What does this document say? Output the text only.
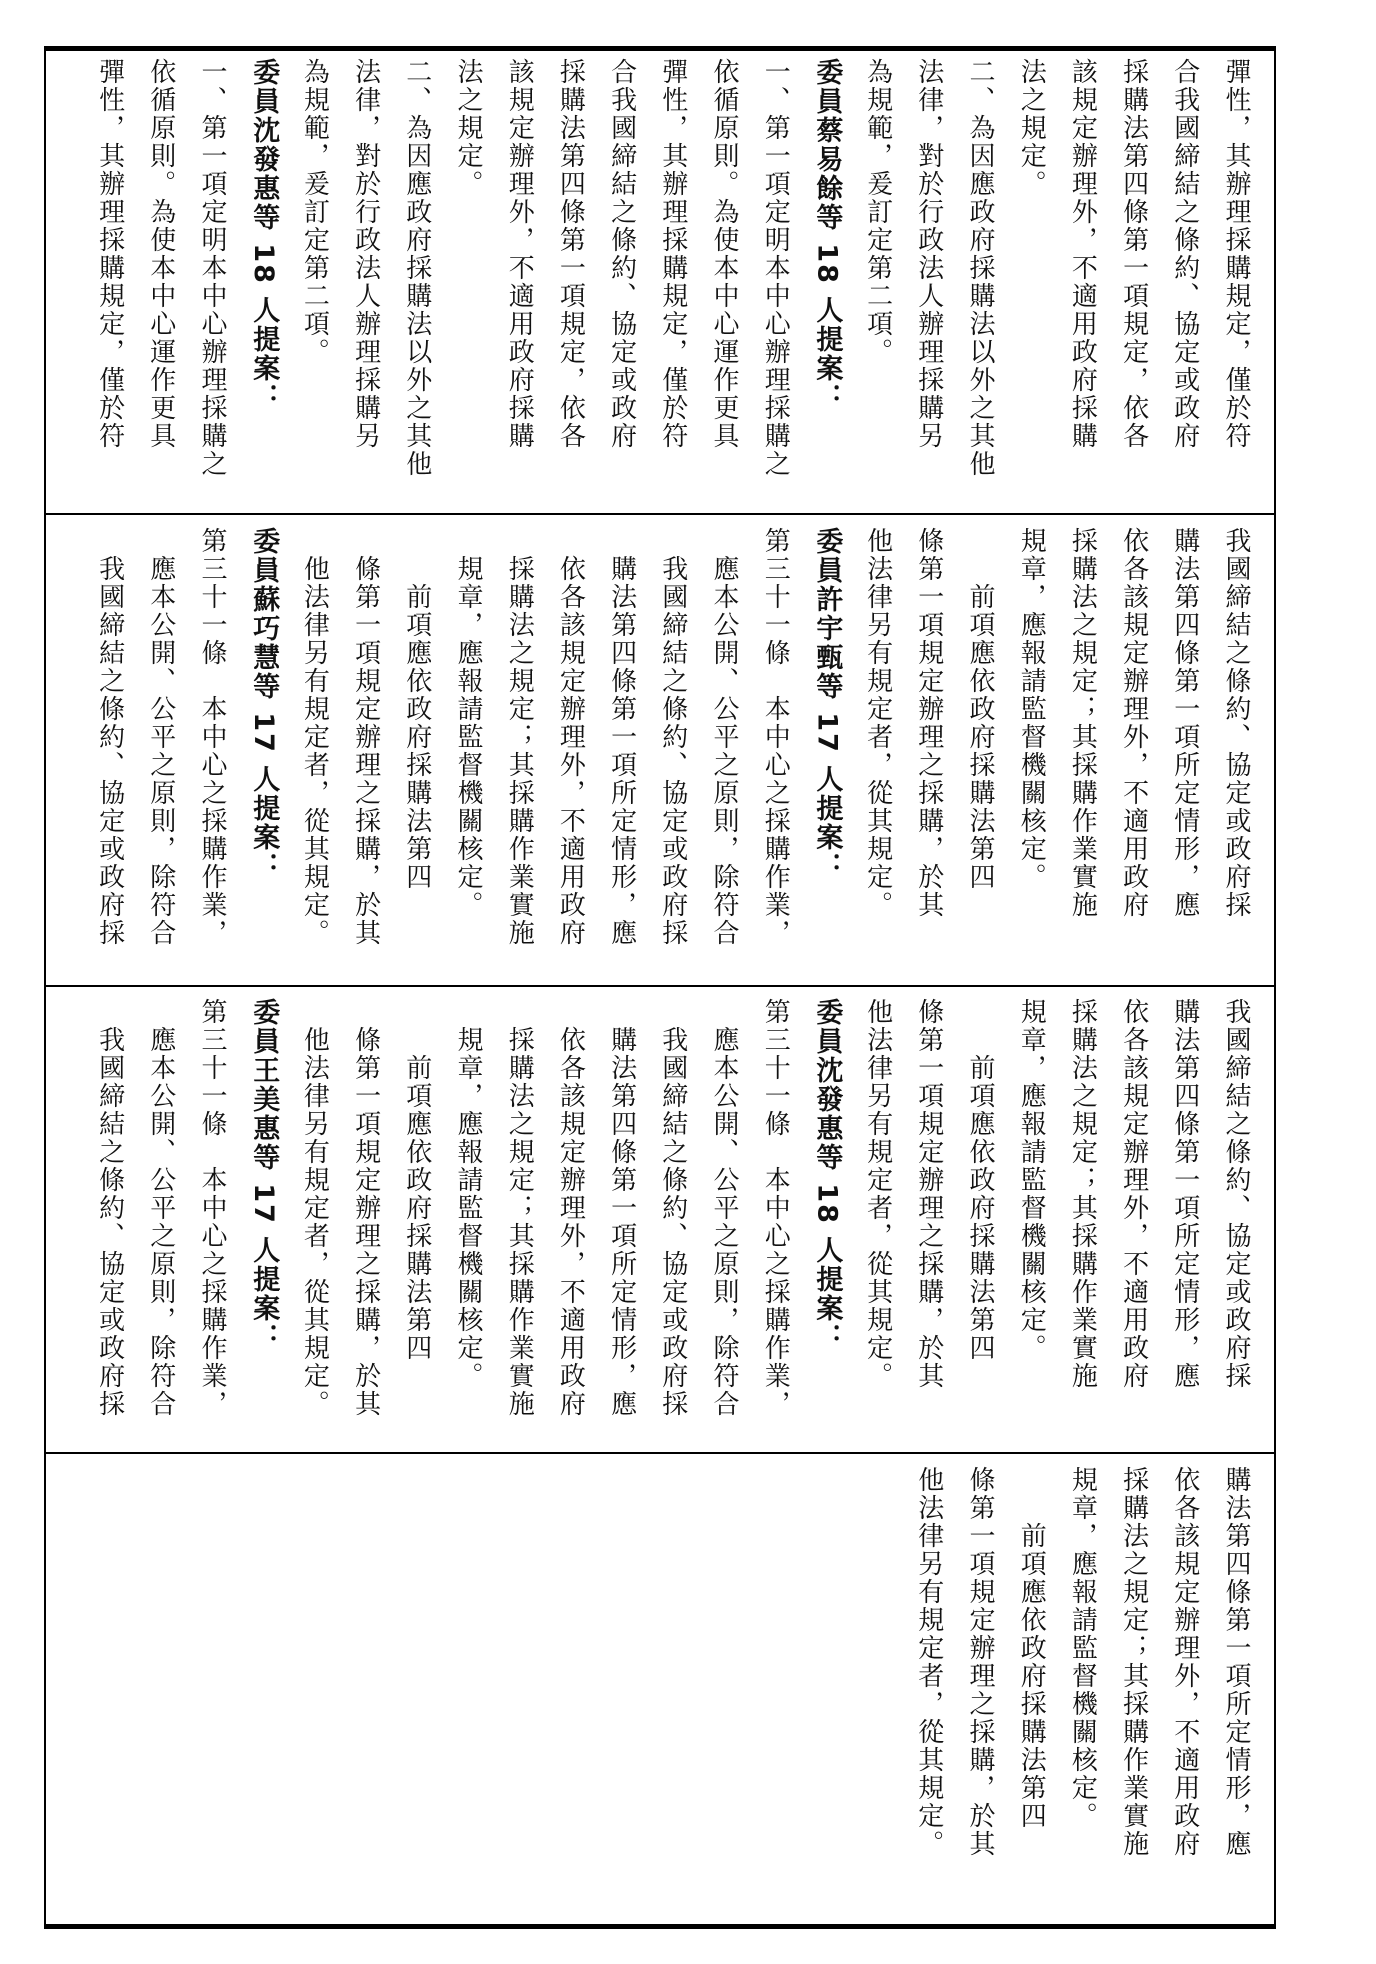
彈性，其辦理採購規定，僅於符
合我國締結之條約、協定或政府
採購法第四條第一項規定，依各
該規定辦理外，不適用政府採購
法之規定。
二、為因應政府採購法以外之其他
法律，對於行政法人辦理採購另
為規範，爰訂定第二項。
委員蔡易餘等 18 人提案：
一、第一項定明本中心辦理採購之
依循原則。為使本中心運作更具
彈性，其辦理採購規定，僅於符
合我國締結之條約、協定或政府
採購法第四條第一項規定，依各
該規定辦理外，不適用政府採購
法之規定。
二、為因應政府採購法以外之其他
法律，對於行政法人辦理採購另
為規範，爰訂定第二項。
委員沈發惠等 18 人提案：
一、第一項定明本中心辦理採購之
依循原則。為使本中心運作更具
彈性，其辦理採購規定，僅於符
我國締結之條約、協定或政府採
購法第四條第一項所定情形，應
依各該規定辦理外，不適用政府
採購法之規定；其採購作業實施
規章，應報請監督機關核定。
　　前項應依政府採購法第四
條第一項規定辦理之採購，於其
他法律另有規定者，從其規定。
委員許宇甄等 17 人提案：
第三十一條　本中心之採購作業，
　應本公開、公平之原則，除符合
　我國締結之條約、協定或政府採
　購法第四條第一項所定情形，應
　依各該規定辦理外，不適用政府
　採購法之規定；其採購作業實施
　規章，應報請監督機關核定。
　　前項應依政府採購法第四
　條第一項規定辦理之採購，於其
　他法律另有規定者，從其規定。
委員蘇巧慧等 17 人提案：
第三十一條　本中心之採購作業，
　應本公開、公平之原則，除符合
　我國締結之條約、協定或政府採
我國締結之條約、協定或政府採
購法第四條第一項所定情形，應
依各該規定辦理外，不適用政府
採購法之規定；其採購作業實施
規章，應報請監督機關核定。
　　前項應依政府採購法第四
條第一項規定辦理之採購，於其
他法律另有規定者，從其規定。
委員沈發惠等 18 人提案：
第三十一條　本中心之採購作業，
　應本公開、公平之原則，除符合
　我國締結之條約、協定或政府採
　購法第四條第一項所定情形，應
　依各該規定辦理外，不適用政府
　採購法之規定；其採購作業實施
　規章，應報請監督機關核定。
　　前項應依政府採購法第四
　條第一項規定辦理之採購，於其
　他法律另有規定者，從其規定。
委員王美惠等 17 人提案：
第三十一條　本中心之採購作業，
　應本公開、公平之原則，除符合
　我國締結之條約、協定或政府採
購法第四條第一項所定情形，應
依各該規定辦理外，不適用政府
採購法之規定；其採購作業實施
規章，應報請監督機關核定。
　　前項應依政府採購法第四
條第一項規定辦理之採購，於其
他法律另有規定者，從其規定。
